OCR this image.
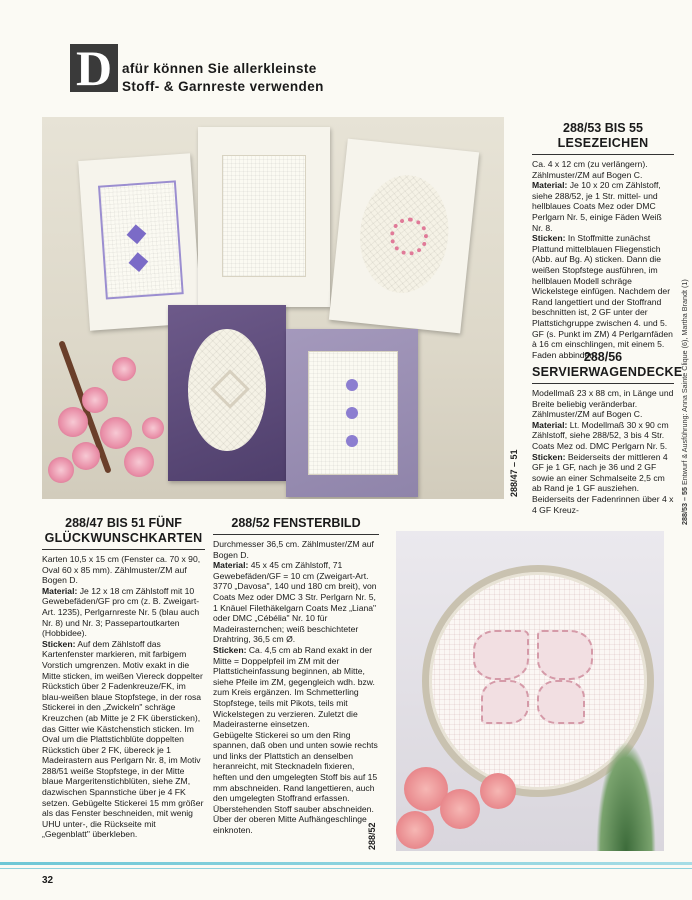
D afür können Sie allerkleinste
Stoff- & Garnreste verwenden
288/47 – 51
288/52
288/53 – 55 Entwurf & Ausführung: Anna Sainte Clique (6), Martha Brandt (1)
288/53 BIS 55
LESEZEICHEN

Ca. 4 x 12 cm (zu verlängern). Zählmuster/ZM auf Bogen C.

Material: Je 10 x 20 cm Zählstoff, siehe 288/52, je 1 Str. mittel- und hellblaues Coats Mez oder DMC Perlgarn Nr. 5, einige Fäden Weiß Nr. 8.

Sticken: In Stoffmitte zunächst Plattund mittelblauen Fliegenstich (Abb. auf Bg. A) sticken. Dann die weißen Stopfstege ausführen, im hellblauen Modell schräge Wickelstege einfügen. Nachdem der Rand langettiert und der Stoffrand beschnitten ist, 2 GF unter der Plattstichgruppe zwischen 4. und 5. GF (s. Punkt im ZM) 4 Perlgarnfäden à 16 cm einschlingen, mit einem 5. Faden abbinden.

288/56
SERVIERWAGENDECKE

Modellmaß 23 x 88 cm, in Länge und Breite beliebig veränderbar. Zählmuster/ZM auf Bogen C.

Material: Lt. Modellmaß 30 x 90 cm Zählstoff, siehe 288/52, 3 bis 4 Str. Coats Mez od. DMC Perlgarn Nr. 5.

Sticken: Beiderseits der mittleren 4 GF je 1 GF, nach je 36 und 2 GF sowie an einer Schmalseite 2,5 cm ab Rand je 1 GF ausziehen. Beiderseits der Fadenrinnen über 4 x 4 GF Kreuz-

288/47 BIS 51 FÜNF
GLÜCKWUNSCHKARTEN

Karten 10,5 x 15 cm (Fenster ca. 70 x 90, Oval 60 x 85 mm). Zählmuster/ZM auf Bogen D.

Material: Je 12 x 18 cm Zählstoff mit 10 Gewebefäden/GF pro cm (z. B. Zweigart-Art. 1235), Perlgarnreste Nr. 5 (blau auch Nr. 8) und Nr. 3; Passepartoutkarten (Hobbidee).

Sticken: Auf dem Zählstoff das Kartenfenster markieren, mit farbigem Vorstich umgrenzen. Motiv exakt in die Mitte sticken, im weißen Viereck doppelter Rückstich über 2 Fadenkreuze/FK, im blau-weißen blaue Stopfstege, in der rosa Stickerei in den „Zwickeln" schräge Kreuzchen (ab Mitte je 2 FK übersticken), das Gitter wie Kästchenstich sticken. Im Oval um die Plattstichblüte doppelten Rückstich über 2 FK, übereck je 1 Madeirastern aus Perlgarn Nr. 8, im Motiv 288/51 weiße Stopfstege, in der Mitte blaue Margeritenstichblüten, siehe ZM, dazwischen Spannstiche über je 4 FK setzen. Gebügelte Stickerei 15 mm größer als das Fenster beschneiden, mit wenig UHU unter-, die Rückseite mit „Gegenblatt" überkleben.

288/52 FENSTERBILD

Durchmesser 36,5 cm. Zählmuster/ZM auf Bogen D.

Material: 45 x 45 cm Zählstoff, 71 Gewebefäden/GF = 10 cm (Zweigart-Art. 3770 „Davosa", 140 und 180 cm breit), von Coats Mez oder DMC 3 Str. Perlgarn Nr. 5, 1 Knäuel Filethäkelgarn Coats Mez „Liana" oder DMC „Cébélia" Nr. 10 für Madeirasternchen; weiß beschichteter Drahtring, 36,5 cm Ø.

Sticken: Ca. 4,5 cm ab Rand exakt in der Mitte = Doppelpfeil im ZM mit der Plattsticheinfassung beginnen, ab Mitte, siehe Pfeile im ZM, gegengleich wdh. bzw. zum Kreis ergänzen. Im Schmetterling Stopfstege, teils mit Pikots, teils mit Wickelstegen zu verzieren. Zuletzt die Madeirasterne einsetzen.

Gebügelte Stickerei so um den Ring spannen, daß oben und unten sowie rechts und links der Plattstich an denselben heranreicht, mit Stecknadeln fixieren, heften und den umgelegten Stoff bis auf 15 mm abschneiden. Rand langettieren, auch den umgelegten Stoffrand erfassen. Überstehenden Stoff sauber abschneiden. Über der oberen Mitte Aufhängeschlinge einknoten.

32
